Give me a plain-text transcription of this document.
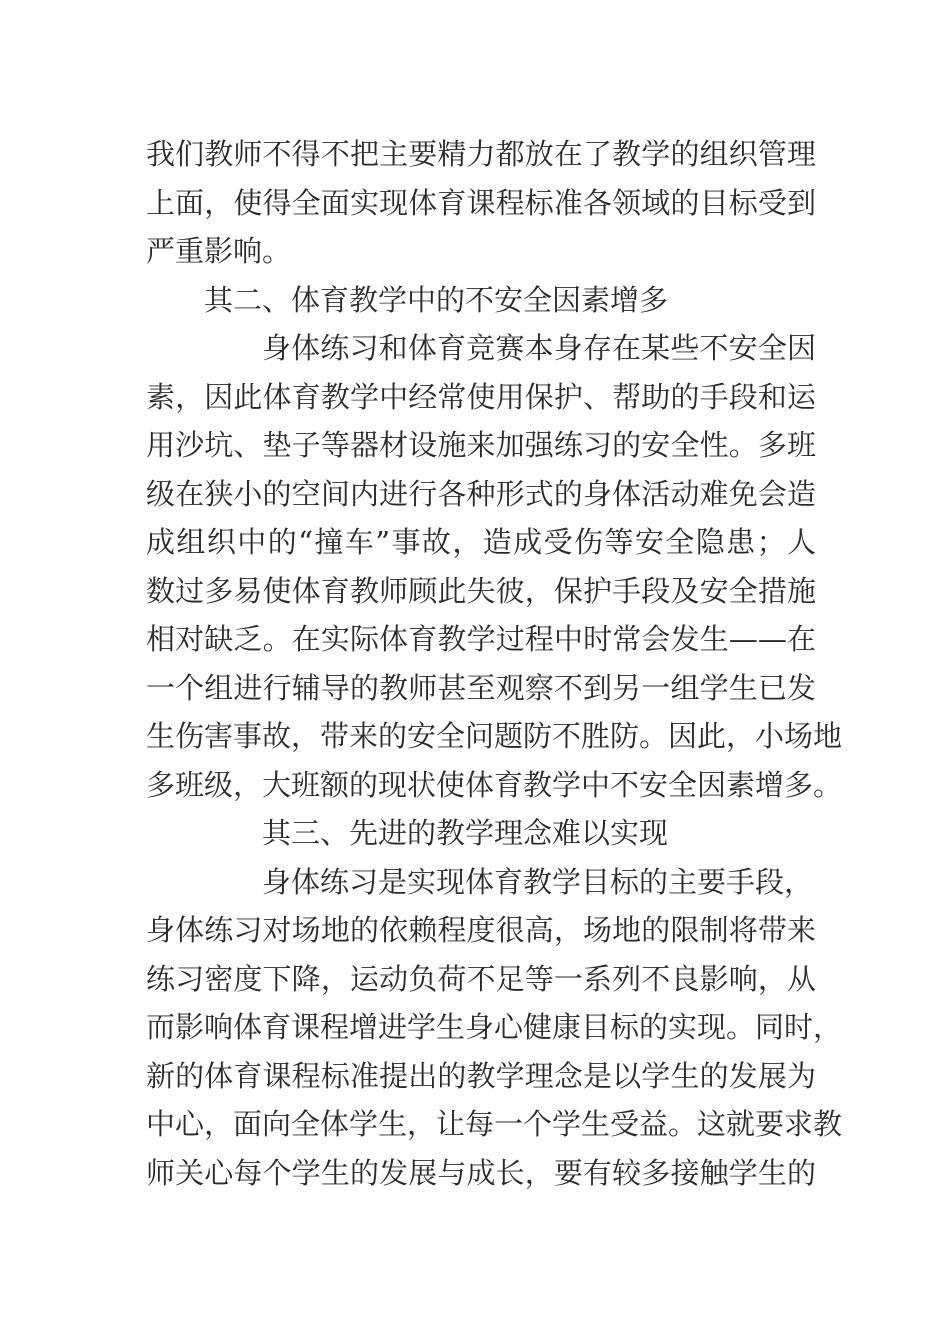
我们教师不得不把主要精力都放在了教学的组织管理
上面，使得全面实现体育课程标准各领域的目标受到
严重影响。
其二、体育教学中的不安全因素增多
身体练习和体育竞赛本身存在某些不安全因
素，因此体育教学中经常使用保护、帮助的手段和运
用沙坑、垫子等器材设施来加强练习的安全性。多班
级在狭小的空间内进行各种形式的身体活动难免会造
成组织中的“撞车”事故，造成受伤等安全隐患；人
数过多易使体育教师顾此失彼，保护手段及安全措施
相对缺乏。在实际体育教学过程中时常会发生——在
一个组进行辅导的教师甚至观察不到另一组学生已发
生伤害事故，带来的安全问题防不胜防。因此，小场地
多班级，大班额的现状使体育教学中不安全因素增多。
其三、先进的教学理念难以实现
身体练习是实现体育教学目标的主要手段，
身体练习对场地的依赖程度很高，场地的限制将带来
练习密度下降，运动负荷不足等一系列不良影响，从
而影响体育课程增进学生身心健康目标的实现。同时，
新的体育课程标准提出的教学理念是以学生的发展为
中心，面向全体学生，让每一个学生受益。这就要求教
师关心每个学生的发展与成长，要有较多接触学生的
